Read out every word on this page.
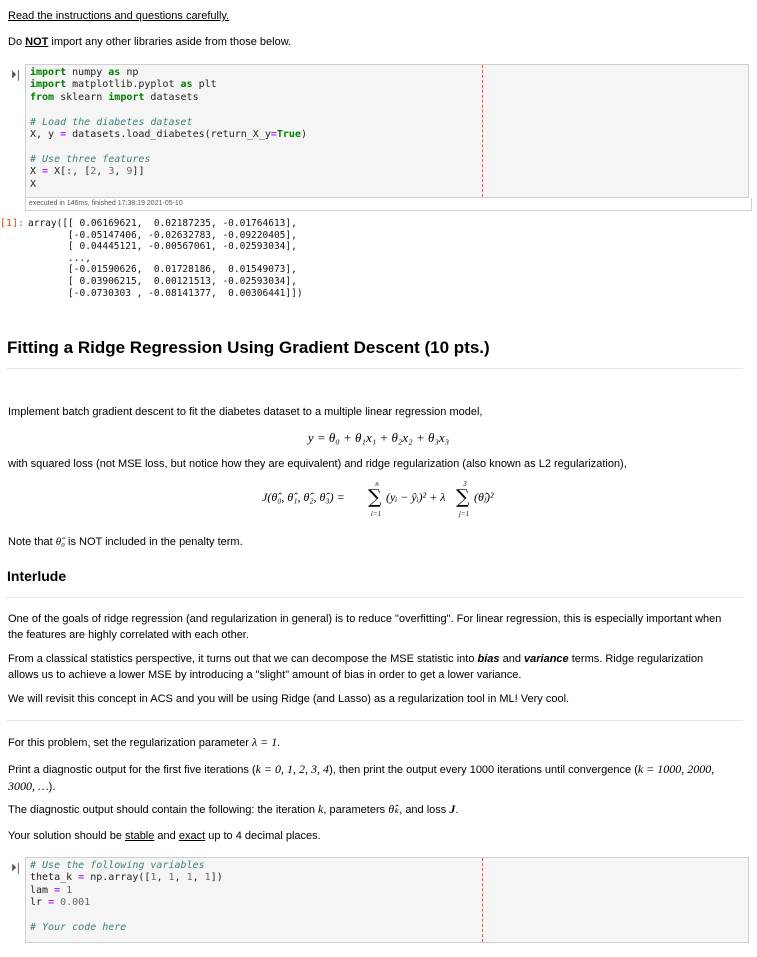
Read the instructions and questions carefully.
Do NOT import any other libraries aside from those below.
⏵| import numpy as np
import matplotlib.pyplot as plt
from sklearn import datasets

# Load the diabetes dataset
X, y = datasets.load_diabetes(return_X_y=True)

# Use three features
X = X[:, [2, 3, 9]]
X
executed in 146ms, finished 17:38:19 2021-05-10
[1]: array([[ 0.06169621,  0.02187235, -0.01764613],
[-0.05147406, -0.02632783, -0.09220405],
[ 0.04445121, -0.00567061, -0.02593034],
...,
[-0.01590626,  0.01728186,  0.01549073],
[ 0.03906215,  0.00121513, -0.02593034],
[-0.0730303 , -0.08141377,  0.00306441]])
Fitting a Ridge Regression Using Gradient Descent (10 pts.)
Implement batch gradient descent to fit the diabetes dataset to a multiple linear regression model,
y = θ₀ + θ₁x₁ + θ₂x₂ + θ₃x₃
with squared loss (not MSE loss, but notice how they are equivalent) and ridge regularization (also known as L2 regularization),
J(θ̂₀, θ̂₁, θ̂₂, θ̂₃) =
n
∑
i=1
(yᵢ − ŷᵢ)² + λ
3
∑
j=1
(θ̂ⱼ)²
Note that θ̂₀ is NOT included in the penalty term.
Interlude
One of the goals of ridge regression (and regularization in general) is to reduce "overfitting". For linear regression, this is especially important when the features are highly correlated with each other.
From a classical statistics perspective, it turns out that we can decompose the MSE statistic into bias and variance terms. Ridge regularization allows us to achieve a lower MSE by introducing a "slight" amount of bias in order to get a lower variance.
We will revisit this concept in ACS and you will be using Ridge (and Lasso) as a regularization tool in ML! Very cool.
For this problem, set the regularization parameter λ = 1.
Print a diagnostic output for the first five iterations (k = 0, 1, 2, 3, 4), then print the output every 1000 iterations until convergence (k = 1000, 2000, 3000, …).
The diagnostic output should contain the following: the iteration k, parameters θ̂ₖ, and loss J.
Your solution should be stable and exact up to 4 decimal places.
⏵| # Use the following variables
theta_k = np.array([1, 1, 1, 1])
lam = 1
lr = 0.001

# Your code here
